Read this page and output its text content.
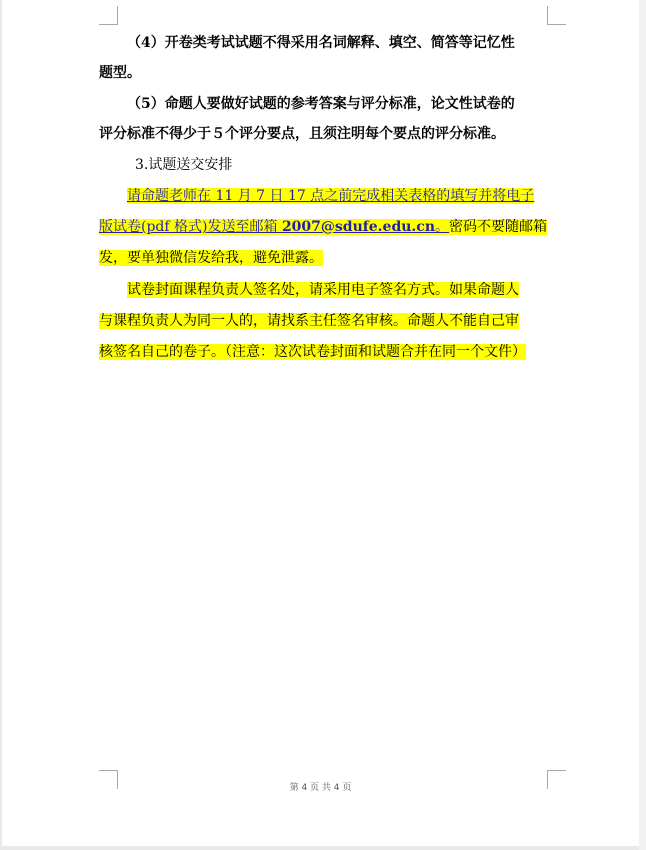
（4）开卷类考试试题不得采用名词解释、填空、简答等记忆性
题型。
（5）命题人要做好试题的参考答案与评分标准，论文性试卷的
评分标准不得少于５个评分要点，且须注明每个要点的评分标准。
3.试题送交安排
请命题老师在 11 月 7 日 17 点之前完成相关表格的填写并将电子
版试卷(pdf 格式)发送至邮箱 2007@sdufe.edu.cn。密码不要随邮箱
发，要单独微信发给我，避免泄露。
试卷封面课程负责人签名处，请采用电子签名方式。如果命题人
与课程负责人为同一人的，请找系主任签名审核。命题人不能自己审
核签名自己的卷子。（注意：这次试卷封面和试题合并在同一个文件）
第 4 页 共 4 页
